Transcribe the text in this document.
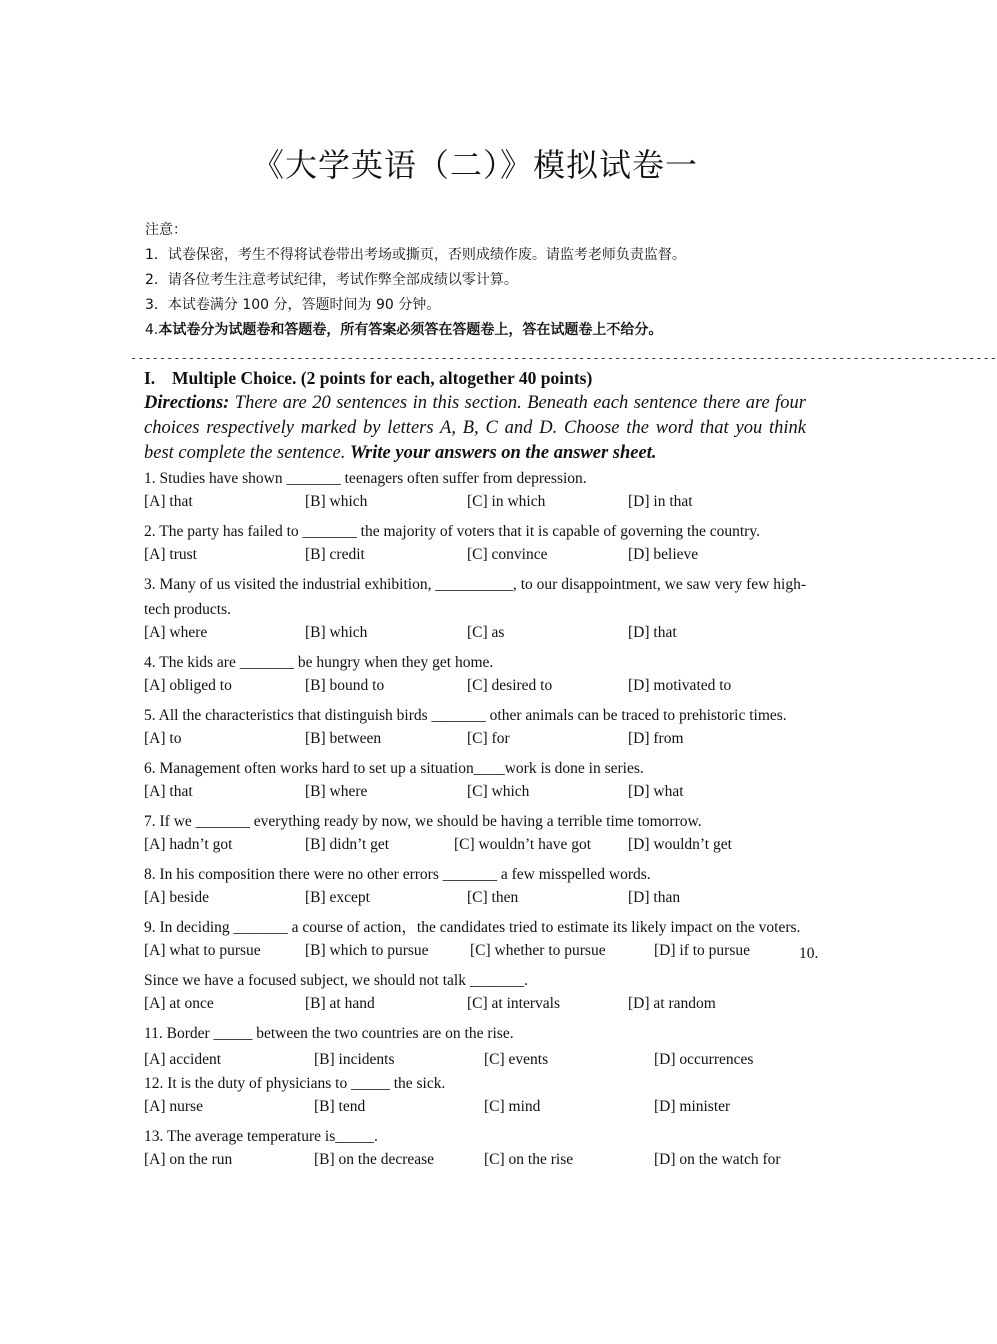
《大学英语（二）》模拟试卷一
注意：
1．试卷保密，考生不得将试卷带出考场或撕页，否则成绩作废。请监考老师负责监督。
2．请各位考生注意考试纪律，考试作弊全部成绩以零计算。
3．本试卷满分 100 分，答题时间为 90 分钟。
4.本试卷分为试题卷和答题卷，所有答案必须答在答题卷上，答在试题卷上不给分。
------------------------------------------------------------------------------------------------------------------------
I. Multiple Choice. (2 points for each, altogether 40 points)
Directions: There are 20 sentences in this section. Beneath each sentence there are four choices respectively marked by letters A, B, C and D. Choose the word that you think best complete the sentence. Write your answers on the answer sheet.
1. Studies have shown _______ teenagers often suffer from depression.
[A] that	[B] which	[C] in which	[D] in that
2. The party has failed to _______ the majority of voters that it is capable of governing the country.
[A] trust	[B] credit	[C] convince	[D] believe
3. Many of us visited the industrial exhibition, __________, to our disappointment, we saw very few high-tech products.
[A] where	[B] which	[C] as	[D] that
4. The kids are _______ be hungry when they get home.
[A] obliged to	[B] bound to	[C] desired to	[D] motivated to
5. All the characteristics that distinguish birds _______ other animals can be traced to prehistoric times.
[A] to	[B] between	[C] for	[D] from
6. Management often works hard to set up a situation____work is done in series.
[A] that	[B] where	[C] which	[D] what
7. If we _______ everything ready by now, we should be having a terrible time tomorrow.
[A] hadn’t got	[B] didn’t get	[C] wouldn’t have got [D] wouldn’t get
8. In his composition there were no other errors _______ a few misspelled words.
[A] beside	[B] except	[C] then	[D] than
9. In deciding _______ a course of action，the candidates tried to estimate its likely impact on the voters.
[A] what to pursue	[B] which to pursue	[C] whether to pursue	[D] if to pursue	10.
Since we have a focused subject, we should not talk _______.
[A] at once	[B] at hand	[C] at intervals	[D] at random
11. Border _____ between the two countries are on the rise.
[A] accident	[B] incidents	[C] events	[D] occurrences
12. It is the duty of physicians to _____ the sick.
[A] nurse	[B] tend	[C] mind	[D] minister
13. The average temperature is_____.
[A] on the run	[B] on the decrease	[C] on the rise	[D] on the watch for
